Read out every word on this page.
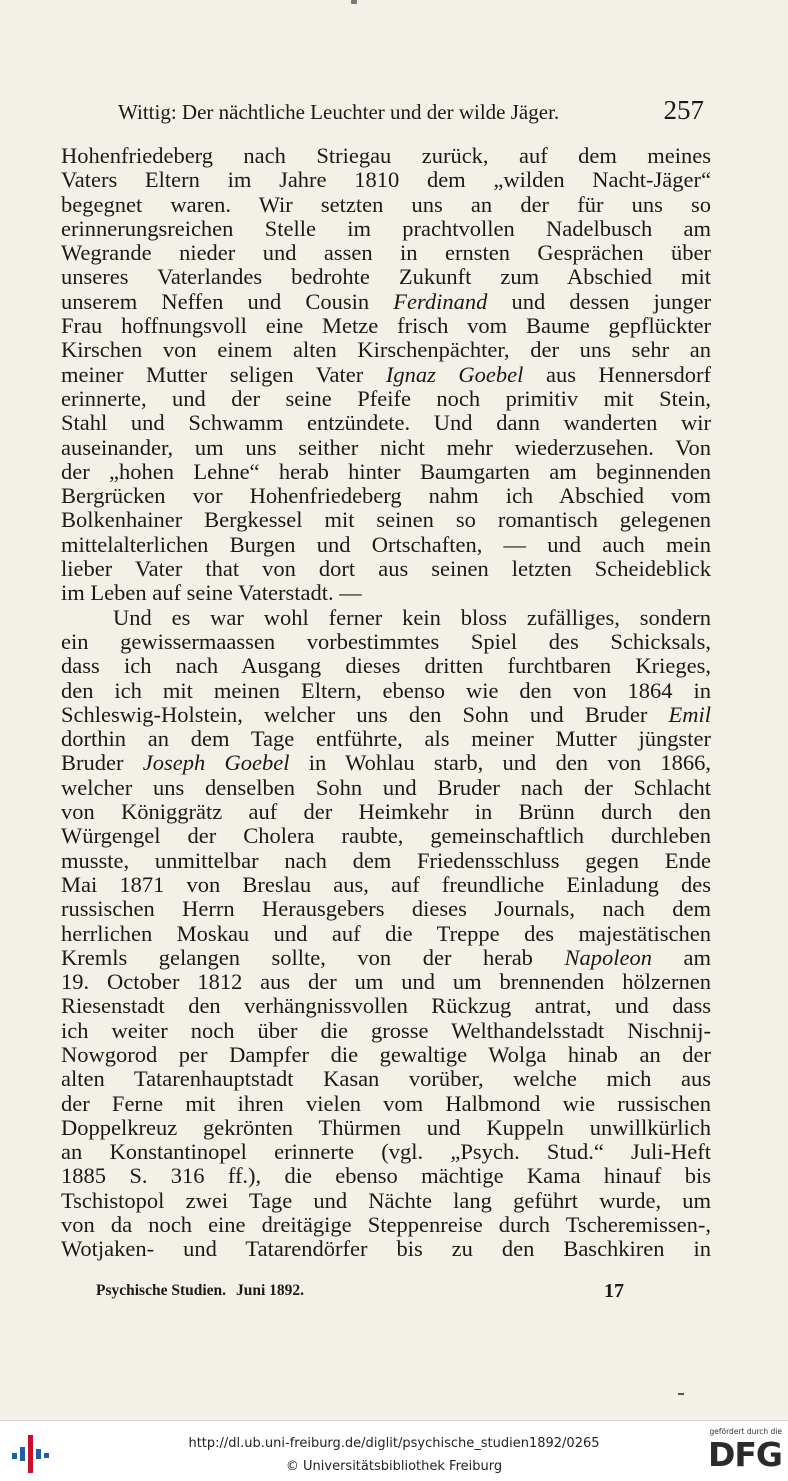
Wittig: Der nächtliche Leuchter und der wilde Jäger.	257
Hohenfriedeberg nach Striegau zurück, auf dem meines
Vaters Eltern im Jahre 1810 dem „wilden Nacht-Jäger“
begegnet waren. Wir setzten uns an der für uns so
erinnerungsreichen Stelle im prachtvollen Nadelbusch am
Wegrande nieder und assen in ernsten Gesprächen über
unseres Vaterlandes bedrohte Zukunft zum Abschied mit
unserem Neffen und Cousin Ferdinand und dessen junger
Frau hoffnungsvoll eine Metze frisch vom Baume gepflückter
Kirschen von einem alten Kirschenpächter, der uns sehr an
meiner Mutter seligen Vater Ignaz Goebel aus Hennersdorf
erinnerte, und der seine Pfeife noch primitiv mit Stein,
Stahl und Schwamm entzündete. Und dann wanderten wir
auseinander, um uns seither nicht mehr wiederzusehen. Von
der „hohen Lehne“ herab hinter Baumgarten am beginnenden
Bergrücken vor Hohenfriedeberg nahm ich Abschied vom
Bolkenhainer Bergkessel mit seinen so romantisch gelegenen
mittelalterlichen Burgen und Ortschaften, — und auch mein
lieber Vater that von dort aus seinen letzten Scheideblick
im Leben auf seine Vaterstadt. —
Und es war wohl ferner kein bloss zufälliges, sondern
ein gewissermaassen vorbestimmtes Spiel des Schicksals,
dass ich nach Ausgang dieses dritten furchtbaren Krieges,
den ich mit meinen Eltern, ebenso wie den von 1864 in
Schleswig-Holstein, welcher uns den Sohn und Bruder Emil
dorthin an dem Tage entführte, als meiner Mutter jüngster
Bruder Joseph Goebel in Wohlau starb, und den von 1866,
welcher uns denselben Sohn und Bruder nach der Schlacht
von Königgrätz auf der Heimkehr in Brünn durch den
Würgengel der Cholera raubte, gemeinschaftlich durchleben
musste, unmittelbar nach dem Friedensschluss gegen Ende
Mai 1871 von Breslau aus, auf freundliche Einladung des
russischen Herrn Herausgebers dieses Journals, nach dem
herrlichen Moskau und auf die Treppe des majestätischen
Kremls gelangen sollte, von der herab Napoleon am
19. October 1812 aus der um und um brennenden hölzernen
Riesenstadt den verhängnissvollen Rückzug antrat, und dass
ich weiter noch über die grosse Welthandelsstadt Nischnij-
Nowgorod per Dampfer die gewaltige Wolga hinab an der
alten Tatarenhauptstadt Kasan vorüber, welche mich aus
der Ferne mit ihren vielen vom Halbmond wie russischen
Doppelkreuz gekrönten Thürmen und Kuppeln unwillkürlich
an Konstantinopel erinnerte (vgl. „Psych. Stud.“ Juli-Heft
1885 S. 316 ff.), die ebenso mächtige Kama hinauf bis
Tschistopol zwei Tage und Nächte lang geführt wurde, um
von da noch eine dreitägige Steppenreise durch Tscheremissen-,
Wotjaken- und Tatarendörfer bis zu den Baschkiren in
Psychische Studien. Juni 1892.	17
http://dl.ub.uni-freiburg.de/diglit/psychische_studien1892/0265
© Universitätsbibliothek Freiburg
gefördert durch die
DFG
